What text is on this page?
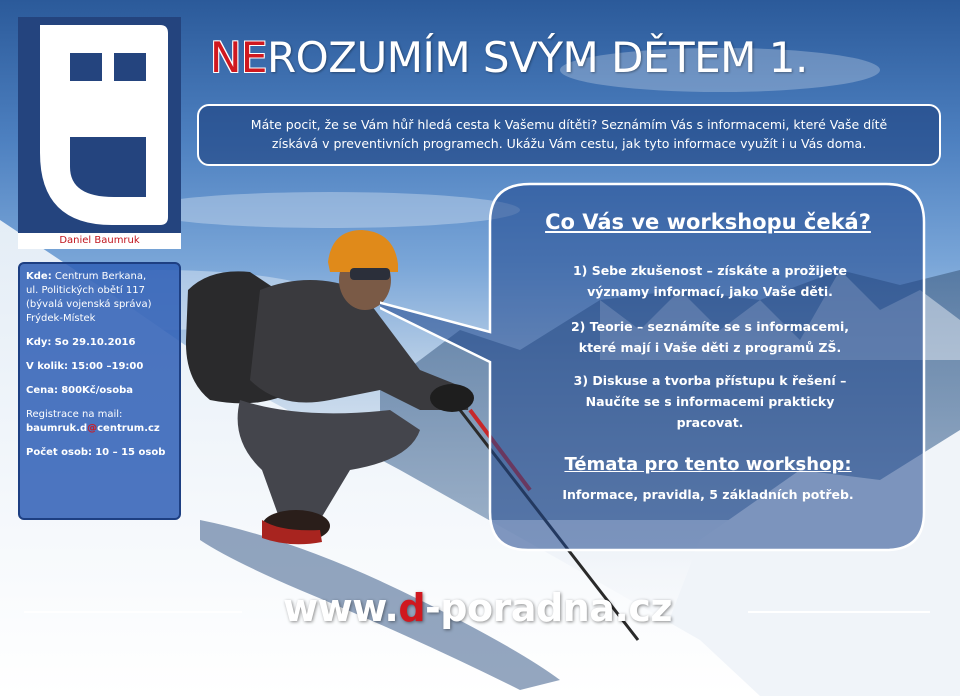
Daniel Baumruk
NEROZUMÍM SVÝM DĚTEM 1.
Máte pocit, že se Vám hůř hledá cesta k Vašemu dítěti? Seznámím Vás s informacemi, které Vaše dítě
získává v preventivních programech. Ukážu Vám cestu, jak tyto informace využít i u Vás doma.

Kde: Centrum Berkana,
ul. Politických obětí 117
(bývalá vojenská správa)
Frýdek-Místek

Kdy: So 29.10.2016

V kolik: 15:00 –19:00

Cena: 800Kč/osoba

Registrace na mail:
baumruk.d@centrum.cz

Počet osob: 10 – 15 osob

Co Vás ve workshopu čeká?
1) Sebe zkušenost – získáte a prožijete
významy informací, jako Vaše děti.
2) Teorie – seznámíte se s informacemi,
které mají i Vaše děti z programů ZŠ.
3) Diskuse a tvorba přístupu k řešení –
Naučíte se s informacemi prakticky
pracovat.
Témata pro tento workshop:
Informace, pravidla, 5 základních potřeb.
www.d-poradna.cz
